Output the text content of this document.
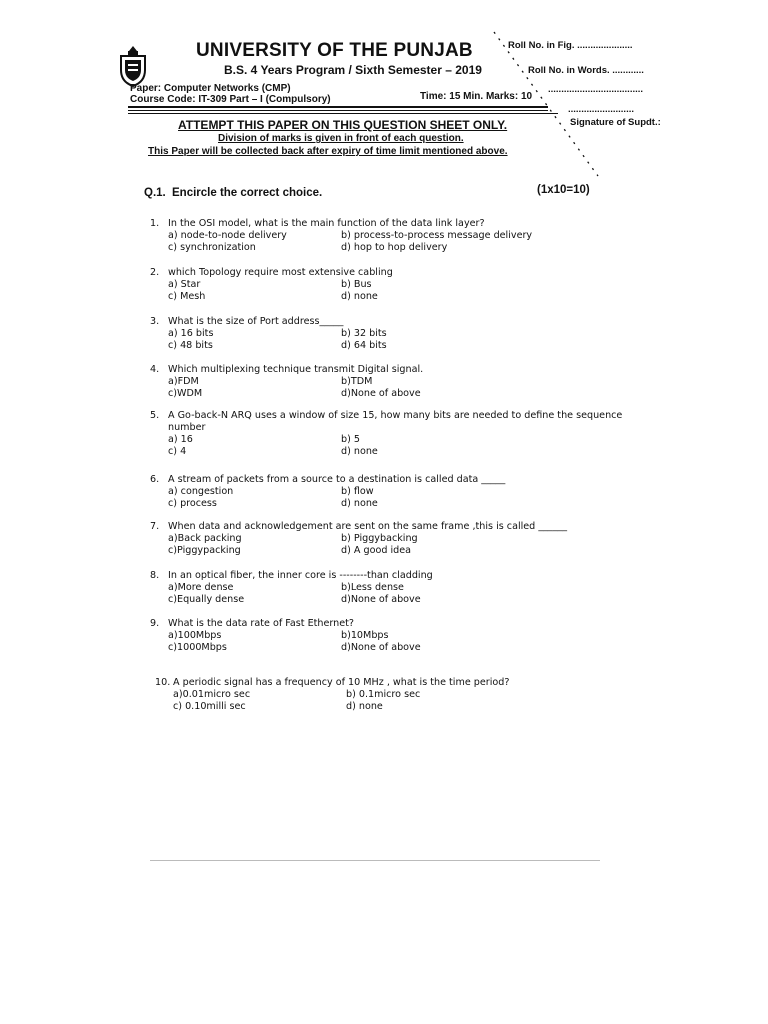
UNIVERSITY OF THE PUNJAB
B.S. 4 Years Program / Sixth Semester – 2019
Paper: Computer Networks (CMP)
Course Code: IT-309 Part – I (Compulsory)	Time: 15 Min. Marks: 10
Roll No. in Fig. .....................
Roll No. in Words. ............
....................................
.........................
Signature of Supdt.:
ATTEMPT THIS PAPER ON THIS QUESTION SHEET ONLY.
Division of marks is given in front of each question.
This Paper will be collected back after expiry of time limit mentioned above.
Q.1. Encircle the correct choice.	(1x10=10)
1. In the OSI model, what is the main function of the data link layer?
a) node-to-node delivery	b) process-to-process message delivery
c) synchronization	d) hop to hop delivery
2. which Topology require most extensive cabling
a) Star	b) Bus
c) Mesh	d) none
3. What is the size of Port address_____
a) 16 bits	b) 32 bits
c) 48 bits	d) 64 bits
4. Which multiplexing technique transmit Digital signal.
a)FDM	b)TDM
c)WDM	d)None of above
5. A Go-back-N ARQ uses a window of size 15, how many bits are needed to define the sequence
number
a) 16	b) 5
c) 4	d) none
6. A stream of packets from a source to a destination is called data _____
a) congestion	b) flow
c) process	d) none
7. When data and acknowledgement are sent on the same frame ,this is called ______
a)Back packing	b) Piggybacking
c)Piggypacking	d) A good idea
8. In an optical fiber, the inner core is --------than cladding
a)More dense	b)Less dense
c)Equally dense	d)None of above
9. What is the data rate of Fast Ethernet?
a)100Mbps	b)10Mbps
c)1000Mbps	d)None of above
10. A periodic signal has a frequency of 10 MHz , what is the time period?
a)0.01micro sec	b) 0.1micro sec
c) 0.10milli sec	d) none
